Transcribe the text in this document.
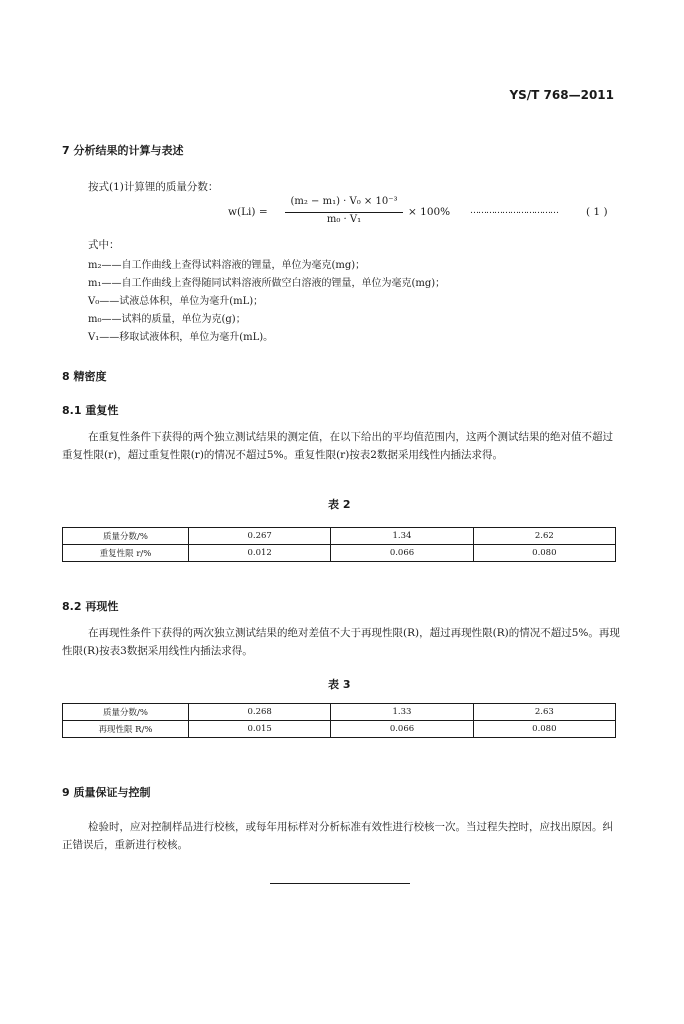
YS/T 768—2011
7 分析结果的计算与表述
按式(1)计算锂的质量分数：
w(Li) =
(m₂ − m₁) · V₀ × 10⁻³
m₀ · V₁
× 100% ……………………………	( 1 )
式中：
m₂——自工作曲线上查得试料溶液的锂量，单位为毫克(mg)；
m₁——自工作曲线上查得随同试料溶液所做空白溶液的锂量，单位为毫克(mg)；
V₀——试液总体积，单位为毫升(mL)；
m₀——试料的质量，单位为克(g)；
V₁——移取试液体积，单位为毫升(mL)。
8 精密度
8.1 重复性
在重复性条件下获得的两个独立测试结果的测定值，在以下给出的平均值范围内，这两个测试结果的绝对值不超过重复性限(r)，超过重复性限(r)的情况不超过5%。重复性限(r)按表2数据采用线性内插法求得。
表 2
质量分数/%	0.267	1.34	2.62
重复性限 r/%	0.012	0.066	0.080
8.2 再现性
在再现性条件下获得的两次独立测试结果的绝对差值不大于再现性限(R)，超过再现性限(R)的情况不超过5%。再现性限(R)按表3数据采用线性内插法求得。
表 3
质量分数/%	0.268	1.33	2.63
再现性限 R/%	0.015	0.066	0.080
9 质量保证与控制
检验时，应对控制样品进行校核，或每年用标样对分析标准有效性进行校核一次。当过程失控时，应找出原因。纠正错误后，重新进行校核。
